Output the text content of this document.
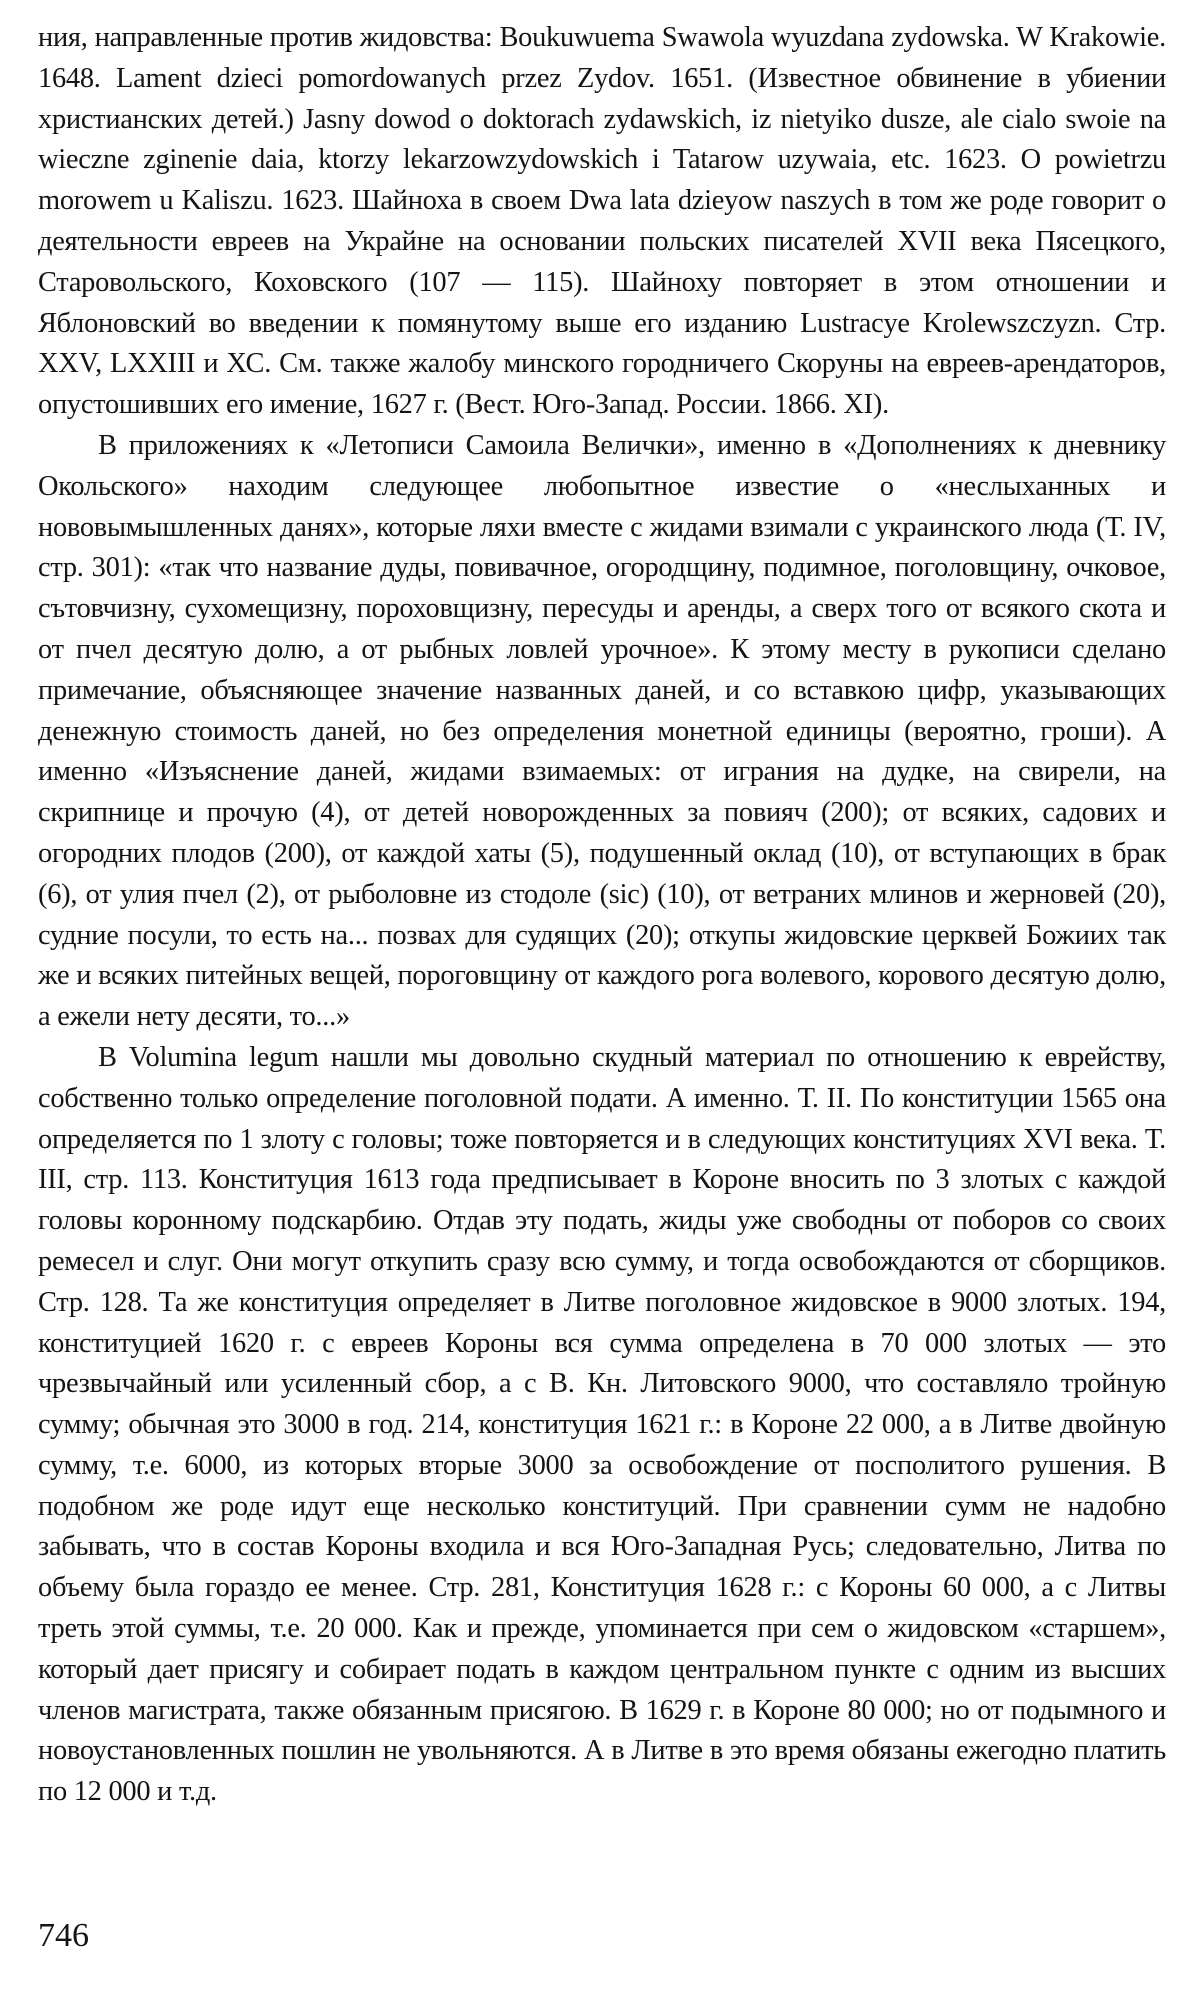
ния, направленные против жидовства: Boukuwuema Swawola wyuzdana zydowska. W Krakowie. 1648. Lament dzieci pomordowanych przez Zydov. 1651. (Известное обвинение в убиении христианских детей.) Jasny dowod o doktorach zydawskich, iz nietyiko dusze, ale cialo swoie na wieczne zginenie daia, ktorzy lekarzowzydowskich i Tatarow uzywaia, etc. 1623. O powietrzu morowem u Kaliszu. 1623. Шайноха в своем Dwa lata dzieyow naszych в том же роде говорит о деятельности евреев на Украйне на основании польских писателей XVII века Пясецкого, Старовольского, Коховского (107 — 115). Шайноху повторяет в этом отношении и Яблоновский во введении к помянутому выше его изданию Lustracye Krolewszczyzn. Стр. XXV, LXXIII и ХС. См. также жалобу минского городничего Скоруны на евреев-арендаторов, опустошивших его имение, 1627 г. (Вест. Юго-Запад. России. 1866. XI).

В приложениях к «Летописи Самоила Велички», именно в «Дополнениях к дневнику Окольского» находим следующее любопытное известие о «неслыханных и нововымышленных данях», которые ляхи вместе с жидами взимали с украинского люда (Т. IV, стр. 301): «так что название дуды, повивачное, огородщину, подимное, поголовщину, очковое, сътовчизну, сухомещизну, пороховщизну, пересуды и аренды, а сверх того от всякого скота и от пчел десятую долю, а от рыбных ловлей урочное». К этому месту в рукописи сделано примечание, объясняющее значение названных даней, и со вставкою цифр, указывающих денежную стоимость даней, но без определения монетной единицы (вероятно, гроши). А именно «Изъяснение даней, жидами взимаемых: от играния на дудке, на свирели, на скрипнице и прочую (4), от детей новорожденных за повияч (200); от всяких, садових и огородних плодов (200), от каждой хаты (5), подушенный оклад (10), от вступающих в брак (6), от улия пчел (2), от рыболовне из стодоле (sic) (10), от ветраних млинов и жерновей (20), судние посули, то есть на... позвах для судящих (20); откупы жидовские церквей Божиих так же и всяких питейных вещей, пороговщину от каждого рога волевого, корового десятую долю, а ежели нету десяти, то...»

В Volumina legum нашли мы довольно скудный материал по отношению к еврейству, собственно только определение поголовной подати. А именно. Т. II. По конституции 1565 она определяется по 1 злоту с головы; тоже повторяется и в следующих конституциях XVI века. Т. III, стр. 113. Конституция 1613 года предписывает в Короне вносить по 3 злотых с каждой головы коронному подскарбию. Отдав эту подать, жиды уже свободны от поборов со своих ремесел и слуг. Они могут откупить сразу всю сумму, и тогда освобождаются от сборщиков. Стр. 128. Та же конституция определяет в Литве поголовное жидовское в 9000 злотых. 194, конституцией 1620 г. с евреев Короны вся сумма определена в 70 000 злотых — это чрезвычайный или усиленный сбор, а с В. Кн. Литовского 9000, что составляло тройную сумму; обычная это 3000 в год. 214, конституция 1621 г.: в Короне 22 000, а в Литве двойную сумму, т.е. 6000, из которых вторые 3000 за освобождение от посполитого рушения. В подобном же роде идут еще несколько конституций. При сравнении сумм не надобно забывать, что в состав Короны входила и вся Юго-Западная Русь; следовательно, Литва по объему была гораздо ее менее. Стр. 281, Конституция 1628 г.: с Короны 60 000, а с Литвы треть этой суммы, т.е. 20 000. Как и прежде, упоминается при сем о жидовском «старшем», который дает присягу и собирает подать в каждом центральном пункте с одним из высших членов магистрата, также обязанным присягою. В 1629 г. в Короне 80 000; но от подымного и новоустановленных пошлин не увольняются. А в Литве в это время обязаны ежегодно платить по 12 000 и т.д.

746
